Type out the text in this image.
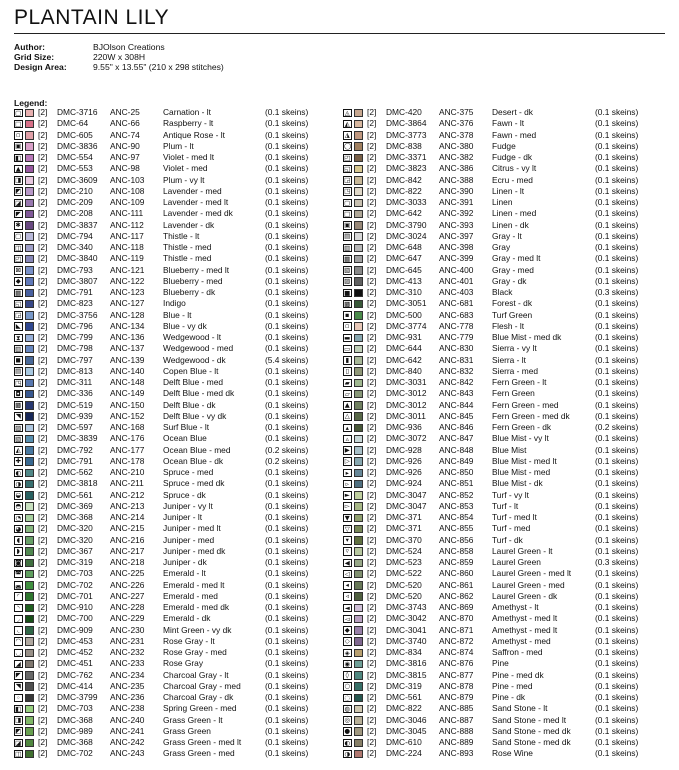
PLANTAIN LILY
Author:	BJOlson Creations
Grid Size:	220W x 308H
Design Area:	9.55" x 13.55" (210 x 298 stitches)
Legend:
▢ [2] DMC-3716 ANC-25	Carnation - lt	(0.1 skeins)
□ [2] DMC-64	ANC-66	Raspberry - lt	(0.1 skeins)
▫ [2] DMC-605 ANC-74	Antique Rose - lt	(0.1 skeins)
▣ [2] DMC-3836 ANC-90	Plum - lt	(0.1 skeins)
◧ [2] DMC-554 ANC-97	Violet - med lt	(0.1 skeins)
▲ [2] DMC-553 ANC-98	Violet - med	(0.1 skeins)
◨ [2] DMC-3609 ANC-103 Plum - vy lt	(0.1 skeins)
◩ [2] DMC-210 ANC-108 Lavender - med	(0.1 skeins)
◪ [2] DMC-209 ANC-109 Lavender - med lt	(0.1 skeins)
◤ [2] DMC-208 ANC-111 Lavender - med dk	(0.1 skeins)
✱ [2] DMC-3837 ANC-112 Lavender - dk	(0.1 skeins)
▢ [2] DMC-794 ANC-117 Thistle - lt	(0.1 skeins)
◫ [2] DMC-340 ANC-118 Thistle - med	(0.1 skeins)
◰ [2] DMC-3840 ANC-119 Thistle - med	(0.1 skeins)
⊠ [2] DMC-793 ANC-121 Blueberry - med lt	(0.1 skeins)
◆ [2] DMC-3807 ANC-122 Blueberry - med	(0.1 skeins)
▦ [2] DMC-791 ANC-123 Blueberry - dk	(0.1 skeins)
◱ [2] DMC-823 ANC-127 Indigo	(0.1 skeins)
◲ [2] DMC-3756 ANC-128 Blue - lt	(0.1 skeins)
◣ [2] DMC-796 ANC-134 Blue - vy dk	(0.1 skeins)
⧗ [2] DMC-799 ANC-136 Wedgewood - lt	(0.1 skeins)
▥ [2] DMC-798 ANC-137 Wedgewood - med	(0.1 skeins)
◼ [2] DMC-797 ANC-139 Wedgewood - dk	(5.4 skeins)
▤ [2] DMC-813 ANC-140 Copen Blue - lt	(0.1 skeins)
◳ [2] DMC-311 ANC-148 Delft Blue - med	(0.1 skeins)
◘ [2] DMC-336 ANC-149 Delft Blue - med dk	(0.1 skeins)
▩ [2] DMC-519 ANC-150 Delft Blue - dk	(0.1 skeins)
◥ [2] DMC-939 ANC-152 Delft Blue - vy dk	(0.1 skeins)
▨ [2] DMC-597 ANC-168 Surf Blue - lt	(0.1 skeins)
▧ [2] DMC-3839 ANC-176 Ocean Blue	(0.1 skeins)
◭ [2] DMC-792 ANC-177 Ocean Blue - med	(0.2 skeins)
✚ [2] DMC-791 ANC-178 Ocean Blue - dk	(0.2 skeins)
◐ [2] DMC-562 ANC-210 Spruce - med	(0.1 skeins)
◑ [2] DMC-3818 ANC-211 Spruce - med dk	(0.1 skeins)
◒ [2] DMC-561 ANC-212 Spruce - dk	(0.1 skeins)
◓ [2] DMC-369 ANC-213 Juniper - vy lt	(0.1 skeins)
◔ [2] DMC-368 ANC-214 Juniper - lt	(0.1 skeins)
◕ [2] DMC-320 ANC-215 Juniper - med lt	(0.1 skeins)
◖	[2] DMC-320 ANC-216 Juniper - med	(0.1 skeins)
◗	[2] DMC-367 ANC-217 Juniper - med dk	(0.1 skeins)
◙ [2] DMC-319 ANC-218 Juniper - dk	(0.1 skeins)
◚ [2] DMC-703 ANC-225 Emerald - lt	(0.1 skeins)
◛ [2] DMC-702 ANC-226 Emerald - med lt	(0.1 skeins)
◜	[2] DMC-701 ANC-227 Emerald - med	(0.1 skeins)
◝	[2] DMC-910 ANC-228 Emerald - med dk	(0.1 skeins)
◞	[2] DMC-700 ANC-229 Emerald - dk	(0.1 skeins)
◟	[2] DMC-909 ANC-230 Mint Green - vy dk	(0.1 skeins)
◠ [2] DMC-453 ANC-231 Rose Gray - lt	(0.1 skeins)
◡ [2] DMC-452 ANC-232 Rose Gray - med	(0.1 skeins)
◢ [2] DMC-451 ANC-233 Rose Gray	(0.1 skeins)
◤ [2] DMC-762 ANC-234 Charcoal Gray - lt	(0.1 skeins)
◥ [2] DMC-414 ANC-235 Charcoal Gray - med	(0.1 skeins)
◦ [2] DMC-3799 ANC-236 Charcoal Gray - dk	(0.1 skeins)
◧ [2] DMC-703 ANC-238 Spring Green - med	(0.1 skeins)
◨ [2] DMC-368 ANC-240 Grass Green - lt	(0.1 skeins)
◩ [2] DMC-989 ANC-241 Grass Green	(0.1 skeins)
◪ [2] DMC-368 ANC-242 Grass Green - med lt	(0.1 skeins)
◫ [2] DMC-702 ANC-243 Grass Green - med	(0.1 skeins)
◬ [2] DMC-420 ANC-375 Desert - dk	(0.1 skeins)
◭ [2] DMC-3864 ANC-376 Fawn - lt	(0.1 skeins)
◮ [2] DMC-3773 ANC-378 Fawn - med	(0.1 skeins)
◯ [2] DMC-838 ANC-380 Fudge	(0.1 skeins)
◰ [2] DMC-3371 ANC-382 Fudge - dk	(0.1 skeins)
◱ [2] DMC-3823 ANC-386 Citrus - vy lt	(0.1 skeins)
◲ [2] DMC-842 ANC-388 Ecru - med	(0.1 skeins)
◳ [2] DMC-822 ANC-390 Linen - lt	(0.1 skeins)
▢ [2] DMC-3033 ANC-391 Linen	(0.1 skeins)
□ [2] DMC-642 ANC-392 Linen - med	(0.1 skeins)
▣ [2] DMC-3790 ANC-393 Linen - dk	(0.1 skeins)
▤ [2] DMC-3024 ANC-397 Gray - lt	(0.1 skeins)
▥ [2] DMC-648 ANC-398 Gray	(0.1 skeins)
▦ [2] DMC-647 ANC-399 Gray - med lt	(0.1 skeins)
▧ [2] DMC-645 ANC-400 Gray - med	(0.1 skeins)
▨ [2] DMC-413 ANC-401 Gray - dk	(0.1 skeins)
■ [2] DMC-310 ANC-403 Black	(0.3 skeins)
▩ [2] DMC-3051 ANC-681 Forest - dk	(0.1 skeins)
▪ [2] DMC-500 ANC-683 Turf Green	(0.1 skeins)
▫ [2] DMC-3774 ANC-778 Flesh - lt	(0.1 skeins)
▬ [2] DMC-931 ANC-779 Blue Mist - med dk	(0.1 skeins)
▭ [2] DMC-644 ANC-830 Sierra - vy lt	(0.1 skeins)
▮ [2] DMC-642 ANC-831 Sierra - lt	(0.1 skeins)
▯ [2] DMC-840 ANC-832 Sierra - med	(0.1 skeins)
▰ [2] DMC-3031 ANC-842 Fern Green - lt	(0.1 skeins)
▱ [2] DMC-3012 ANC-843 Fern Green	(0.1 skeins)
▲ [2] DMC-3012 ANC-844 Fern Green - med	(0.1 skeins)
△ [2] DMC-3011 ANC-845 Fern Green - med dk	(0.1 skeins)
▴	[2] DMC-936 ANC-846 Fern Green - dk	(0.2 skeins)
▵	[2] DMC-3072 ANC-847 Blue Mist - vy lt	(0.1 skeins)
▶ [2] DMC-928 ANC-848 Blue Mist	(0.1 skeins)
▷ [2] DMC-926 ANC-849 Blue Mist - med lt	(0.1 skeins)
▸	[2] DMC-926 ANC-850 Blue Mist - med	(0.1 skeins)
▹	[2] DMC-924 ANC-851 Blue Mist - dk	(0.1 skeins)
► [2] DMC-3047 ANC-852 Turf - vy lt	(0.1 skeins)
▻ [2] DMC-3047 ANC-853 Turf - lt	(0.1 skeins)
▼ [2] DMC-371 ANC-854 Turf - med lt	(0.1 skeins)
▽ [2] DMC-371 ANC-855 Turf - med	(0.1 skeins)
▾	[2] DMC-370 ANC-856 Turf - dk	(0.1 skeins)
▿	[2] DMC-524 ANC-858 Laurel Green - lt	(0.1 skeins)
◀ [2] DMC-523 ANC-859 Laurel Green	(0.3 skeins)
◁ [2] DMC-522 ANC-860 Laurel Green - med lt	(0.1 skeins)
◂	[2] DMC-520 ANC-861 Laurel Green - med	(0.1 skeins)
◃	[2] DMC-520 ANC-862 Laurel Green - dk	(0.1 skeins)
◄ [2] DMC-3743 ANC-869 Amethyst - lt	(0.1 skeins)
◅ [2] DMC-3042 ANC-870 Amethyst - med lt	(0.1 skeins)
◆ [2] DMC-3041 ANC-871 Amethyst - med lt	(0.1 skeins)
◇ [2] DMC-3740 ANC-872 Amethyst - med	(0.1 skeins)
◈ [2] DMC-834 ANC-874 Saffron - med	(0.1 skeins)
◉ [2] DMC-3816 ANC-876 Pine	(0.1 skeins)
◊	[2] DMC-3815 ANC-877 Pine - med dk	(0.1 skeins)
○ [2] DMC-319 ANC-878 Pine - med	(0.1 skeins)
◌ [2] DMC-561 ANC-879 Pine - dk	(0.1 skeins)
◍ [2] DMC-822 ANC-885 Sand Stone - lt	(0.1 skeins)
◎ [2] DMC-3046 ANC-887 Sand Stone - med lt	(0.1 skeins)
● [2] DMC-3045 ANC-888 Sand Stone - med dk	(0.1 skeins)
◐ [2] DMC-610 ANC-889 Sand Stone - med dk	(0.1 skeins)
◑ [2] DMC-224 ANC-893 Rose Wine	(0.1 skeins)
